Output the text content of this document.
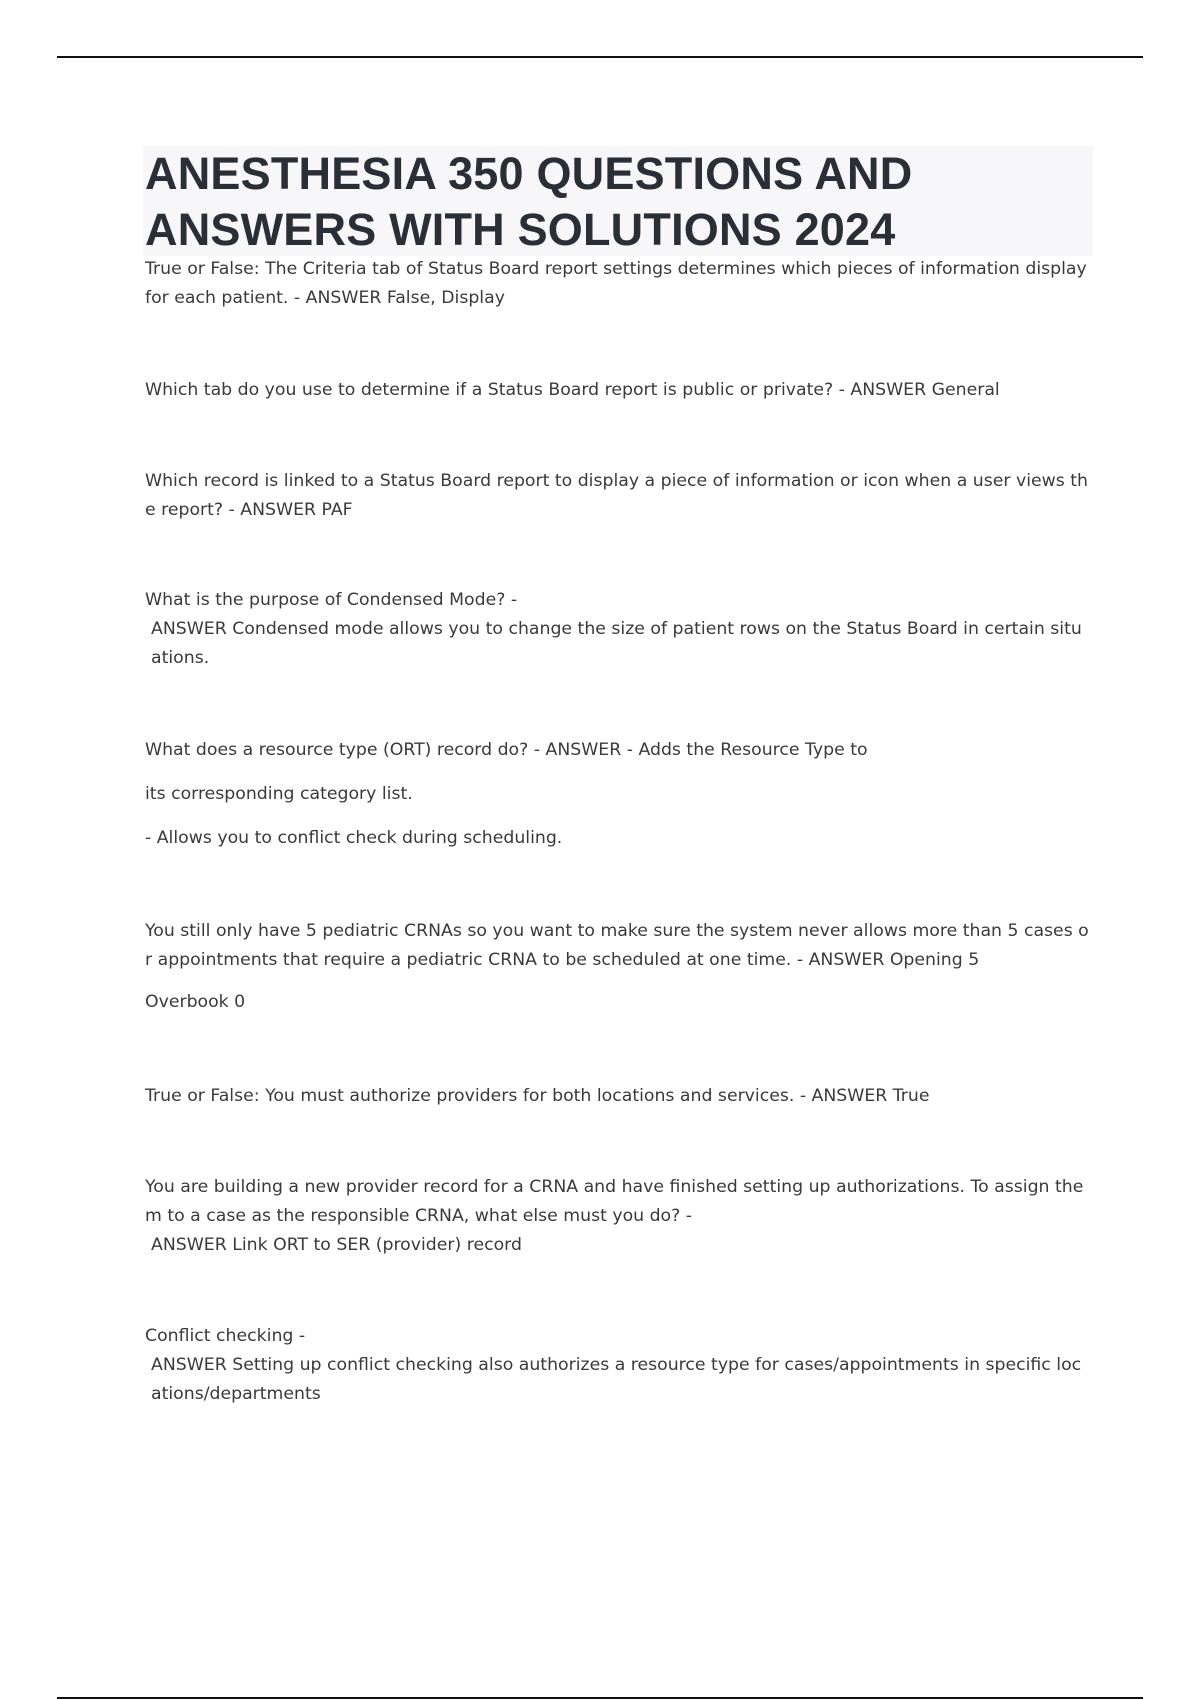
ANESTHESIA 350 QUESTIONS AND
ANSWERS WITH SOLUTIONS 2024
True or False: The Criteria tab of Status Board report settings determines which pieces of information display for each patient. - ANSWER False, Display
Which tab do you use to determine if a Status Board report is public or private? - ANSWER General
Which record is linked to a Status Board report to display a piece of information or icon when a user views the report? - ANSWER PAF
What is the purpose of Condensed Mode? -
ANSWER Condensed mode allows you to change the size of patient rows on the Status Board in certain situations.
What does a resource type (ORT) record do? - ANSWER - Adds the Resource Type to
its corresponding category list.
- Allows you to conflict check during scheduling.
You still only have 5 pediatric CRNAs so you want to make sure the system never allows more than 5 cases or appointments that require a pediatric CRNA to be scheduled at one time. - ANSWER Opening 5
Overbook 0
True or False: You must authorize providers for both locations and services. - ANSWER True
You are building a new provider record for a CRNA and have finished setting up authorizations. To assign them to a case as the responsible CRNA, what else must you do? -
ANSWER Link ORT to SER (provider) record
Conflict checking -
ANSWER Setting up conflict checking also authorizes a resource type for cases/appointments in specific locations/departments
